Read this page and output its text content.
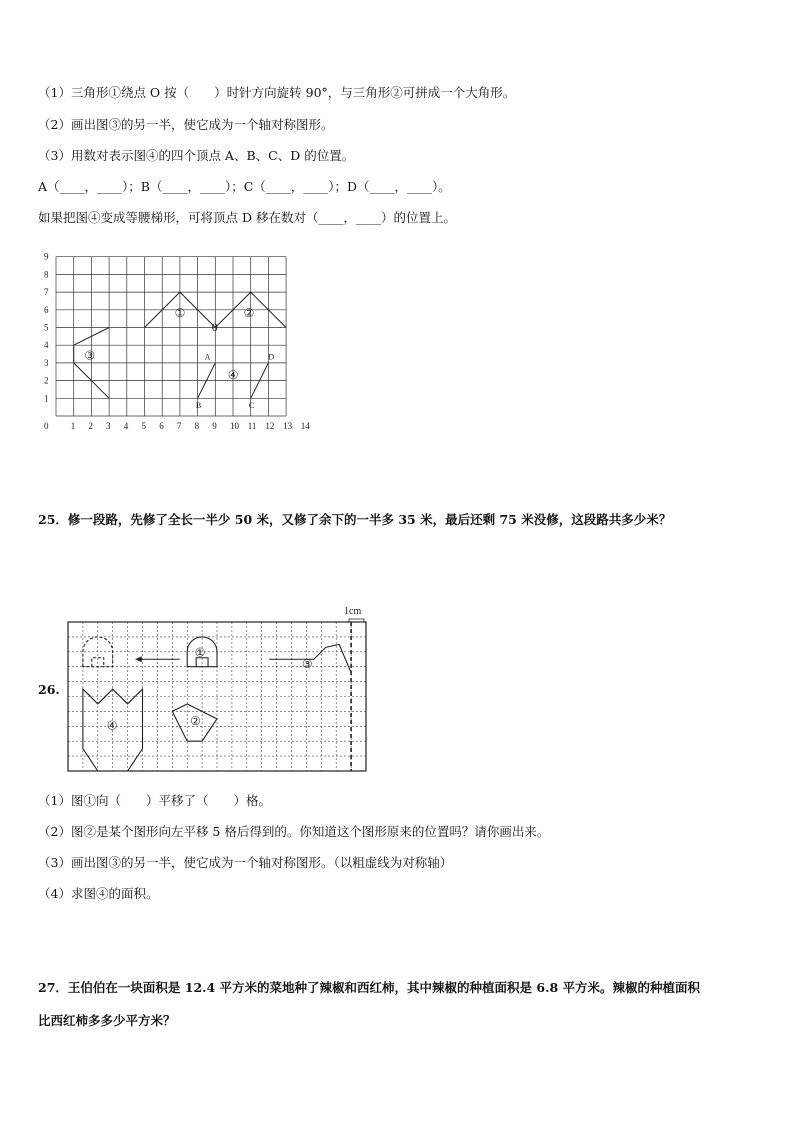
（1）三角形①绕点 O 按（　　）时针方向旋转 90°，与三角形②可拼成一个大角形。
（2）画出图③的另一半，使它成为一个轴对称图形。
（3）用数对表示图④的四个顶点 A、B、C、D 的位置。
A（____，____）；B（____，____）；C（____，____）；D（____，____）。
如果把图④变成等腰梯形，可将顶点 D 移在数对（____，____）的位置上。
0 1 2 3 4 5 6 7 8 9 10 11 12 13 14
1
2
3
4
5
6
7
8
9
①	②
③
④
0
A
B	C
D
25．修一段路，先修了全长一半少 50 米，又修了余下的一半多 35 米，最后还剩 75 米没修，这段路共多少米？
26.
1cm
①
②
③
④
（1）图①向（　　）平移了（　　）格。
（2）图②是某个图形向左平移 5 格后得到的。你知道这个图形原来的位置吗？请你画出来。
（3）画出图③的另一半，使它成为一个轴对称图形。（以粗虚线为对称轴）
（4）求图④的面积。
27．王伯伯在一块面积是 12.4 平方米的菜地种了辣椒和西红柿，其中辣椒的种植面积是 6.8 平方米。辣椒的种植面积
比西红柿多多少平方米？
